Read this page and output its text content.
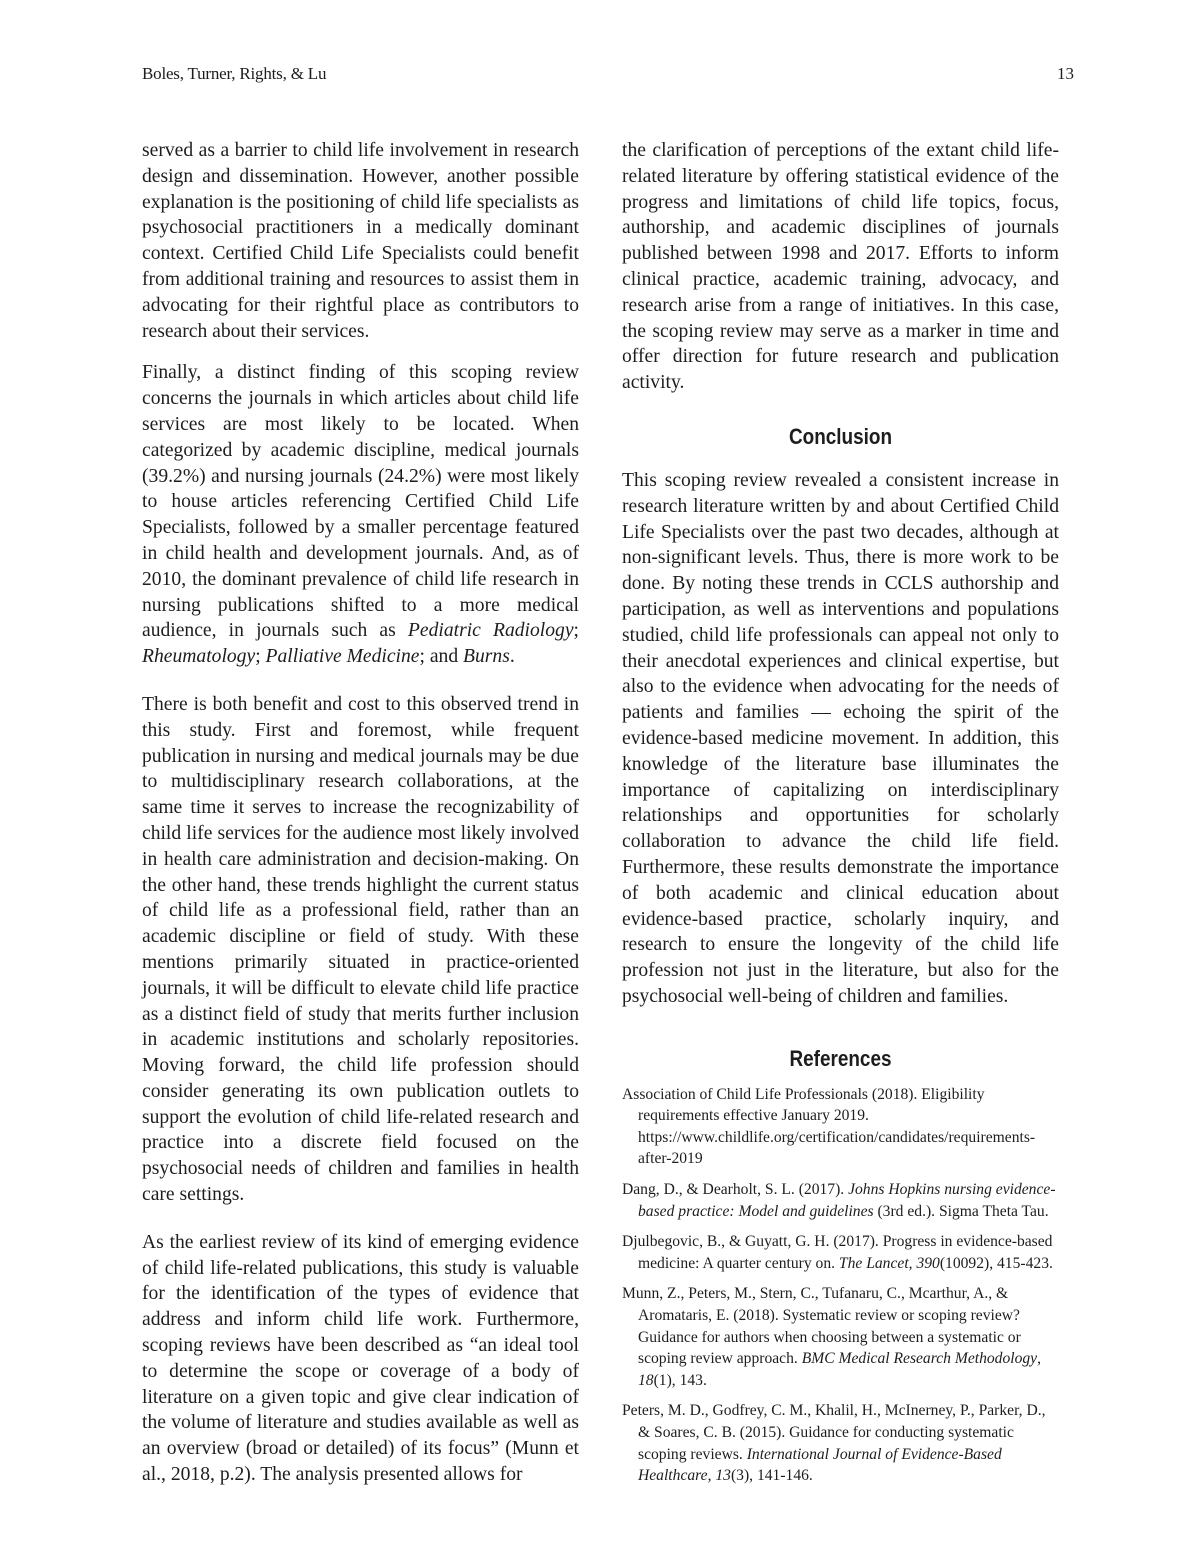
Boles, Turner, Rights, & Lu	13

served as a barrier to child life involvement in research design and dissemination. However, another possible explanation is the positioning of child life specialists as psychosocial practitioners in a medically dominant context. Certified Child Life Specialists could benefit from additional training and resources to assist them in advocating for their rightful place as contributors to research about their services.

Finally, a distinct finding of this scoping review concerns the journals in which articles about child life services are most likely to be located. When categorized by academic discipline, medical journals (39.2%) and nursing journals (24.2%) were most likely to house articles referencing Certified Child Life Specialists, followed by a smaller percentage featured in child health and development journals. And, as of 2010, the dominant prevalence of child life research in nursing publications shifted to a more medical audience, in journals such as Pediatric Radiology; Rheumatology; Palliative Medicine; and Burns.

There is both benefit and cost to this observed trend in this study. First and foremost, while frequent publication in nursing and medical journals may be due to multidisciplinary research collaborations, at the same time it serves to increase the recognizability of child life services for the audience most likely involved in health care administration and decision-making. On the other hand, these trends highlight the current status of child life as a professional field, rather than an academic discipline or field of study. With these mentions primarily situated in practice-oriented journals, it will be difficult to elevate child life practice as a distinct field of study that merits further inclusion in academic institutions and scholarly repositories. Moving forward, the child life profession should consider generating its own publication outlets to support the evolution of child life-related research and practice into a discrete field focused on the psychosocial needs of children and families in health care settings.

As the earliest review of its kind of emerging evidence of child life-related publications, this study is valuable for the identification of the types of evidence that address and inform child life work. Furthermore, scoping reviews have been described as “an ideal tool to determine the scope or coverage of a body of literature on a given topic and give clear indication of the volume of literature and studies available as well as an overview (broad or detailed) of its focus” (Munn et al., 2018, p.2). The analysis presented allows for

the clarification of perceptions of the extant child life-related literature by offering statistical evidence of the progress and limitations of child life topics, focus, authorship, and academic disciplines of journals published between 1998 and 2017. Efforts to inform clinical practice, academic training, advocacy, and research arise from a range of initiatives. In this case, the scoping review may serve as a marker in time and offer direction for future research and publication activity.

Conclusion

This scoping review revealed a consistent increase in research literature written by and about Certified Child Life Specialists over the past two decades, although at non-significant levels. Thus, there is more work to be done. By noting these trends in CCLS authorship and participation, as well as interventions and populations studied, child life professionals can appeal not only to their anecdotal experiences and clinical expertise, but also to the evidence when advocating for the needs of patients and families — echoing the spirit of the evidence-based medicine movement. In addition, this knowledge of the literature base illuminates the importance of capitalizing on interdisciplinary relationships and opportunities for scholarly collaboration to advance the child life field. Furthermore, these results demonstrate the importance of both academic and clinical education about evidence-based practice, scholarly inquiry, and research to ensure the longevity of the child life profession not just in the literature, but also for the psychosocial well-being of children and families.

References

Association of Child Life Professionals (2018). Eligibility requirements effective January 2019. https://www.childlife.org/certification/candidates/requirements-after-2019

Dang, D., & Dearholt, S. L. (2017). Johns Hopkins nursing evidence-based practice: Model and guidelines (3rd ed.). Sigma Theta Tau.

Djulbegovic, B., & Guyatt, G. H. (2017). Progress in evidence-based medicine: A quarter century on. The Lancet, 390(10092), 415-423.

Munn, Z., Peters, M., Stern, C., Tufanaru, C., Mcarthur, A., & Aromataris, E. (2018). Systematic review or scoping review? Guidance for authors when choosing between a systematic or scoping review approach. BMC Medical Research Methodology, 18(1), 143.

Peters, M. D., Godfrey, C. M., Khalil, H., McInerney, P., Parker, D., & Soares, C. B. (2015). Guidance for conducting systematic scoping reviews. International Journal of Evidence-Based Healthcare, 13(3), 141-146.
